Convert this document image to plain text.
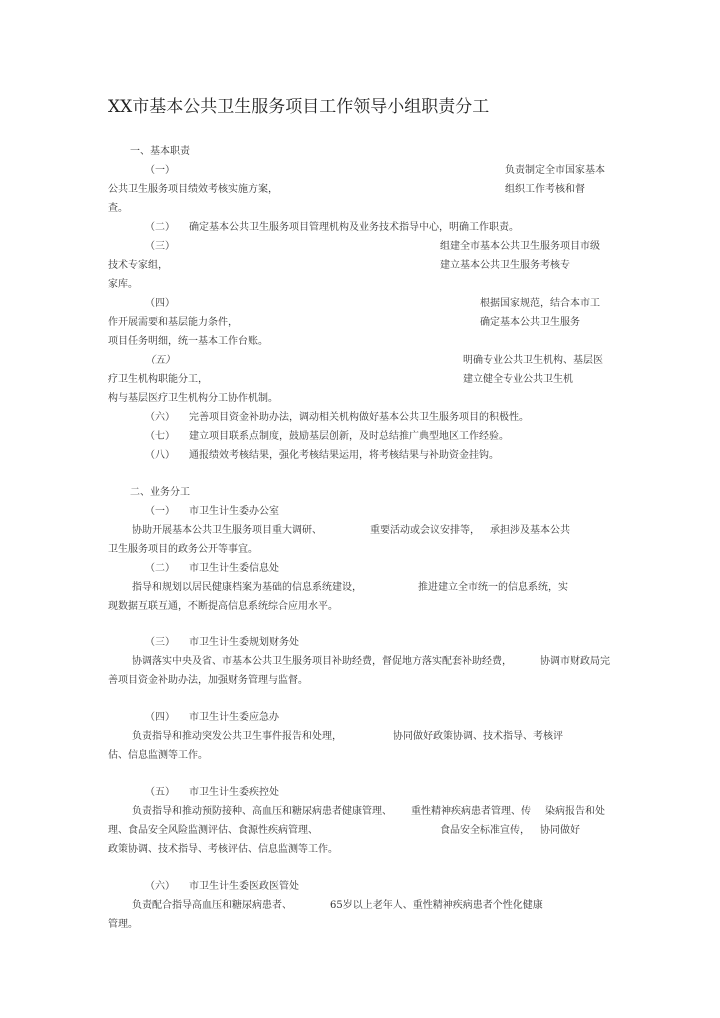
XX市基本公共卫生服务项目工作领导小组职责分工
一、基本职责
（一）	负责制定全市国家基本
公共卫生服务项目绩效考核实施方案，	组织工作考核和督
查。
（二） 确定基本公共卫生服务项目管理机构及业务技术指导中心，明确工作职责。
（三）	组建全市基本公共卫生服务项目市级
技术专家组，	建立基本公共卫生服务考核专
家库。
（四）	根据国家规范，结合本市工
作开展需要和基层能力条件，	确定基本公共卫生服务
项目任务明细，统一基本工作台账。
（五）	明确专业公共卫生机构、基层医
疗卫生机构职能分工，	建立健全专业公共卫生机
构与基层医疗卫生机构分工协作机制。
（六） 完善项目资金补助办法，调动相关机构做好基本公共卫生服务项目的积极性。
（七） 建立项目联系点制度，鼓励基层创新，及时总结推广典型地区工作经验。
（八） 通报绩效考核结果，强化考核结果运用，将考核结果与补助资金挂钩。
二、业务分工
（一） 市卫生计生委办公室
协助开展基本公共卫生服务项目重大调研、	重要活动或会议安排等， 承担涉及基本公共
卫生服务项目的政务公开等事宜。
（二） 市卫生计生委信息处
指导和规划以居民健康档案为基础的信息系统建设，	推进建立全市统一的信息系统，实
现数据互联互通，不断提高信息系统综合应用水平。
（三） 市卫生计生委规划财务处
协调落实中央及省、市基本公共卫生服务项目补助经费，督促地方落实配套补助经费，	协调市财政局完
善项目资金补助办法，加强财务管理与监督。
（四） 市卫生计生委应急办
负责指导和推动突发公共卫生事件报告和处理，	协同做好政策协调、技术指导、考核评
估、信息监测等工作。
（五） 市卫生计生委疾控处
负责指导和推动预防接种、高血压和糖尿病患者健康管理、 重性精神疾病患者管理、传 染病报告和处
理、食品安全风险监测评估、食源性疾病管理、	食品安全标准宣传， 协同做好
政策协调、技术指导、考核评估、信息监测等工作。
（六） 市卫生计生委医政医管处
负责配合指导高血压和糖尿病患者、	65岁以上老年人、重性精神疾病患者个性化健康
管理。
